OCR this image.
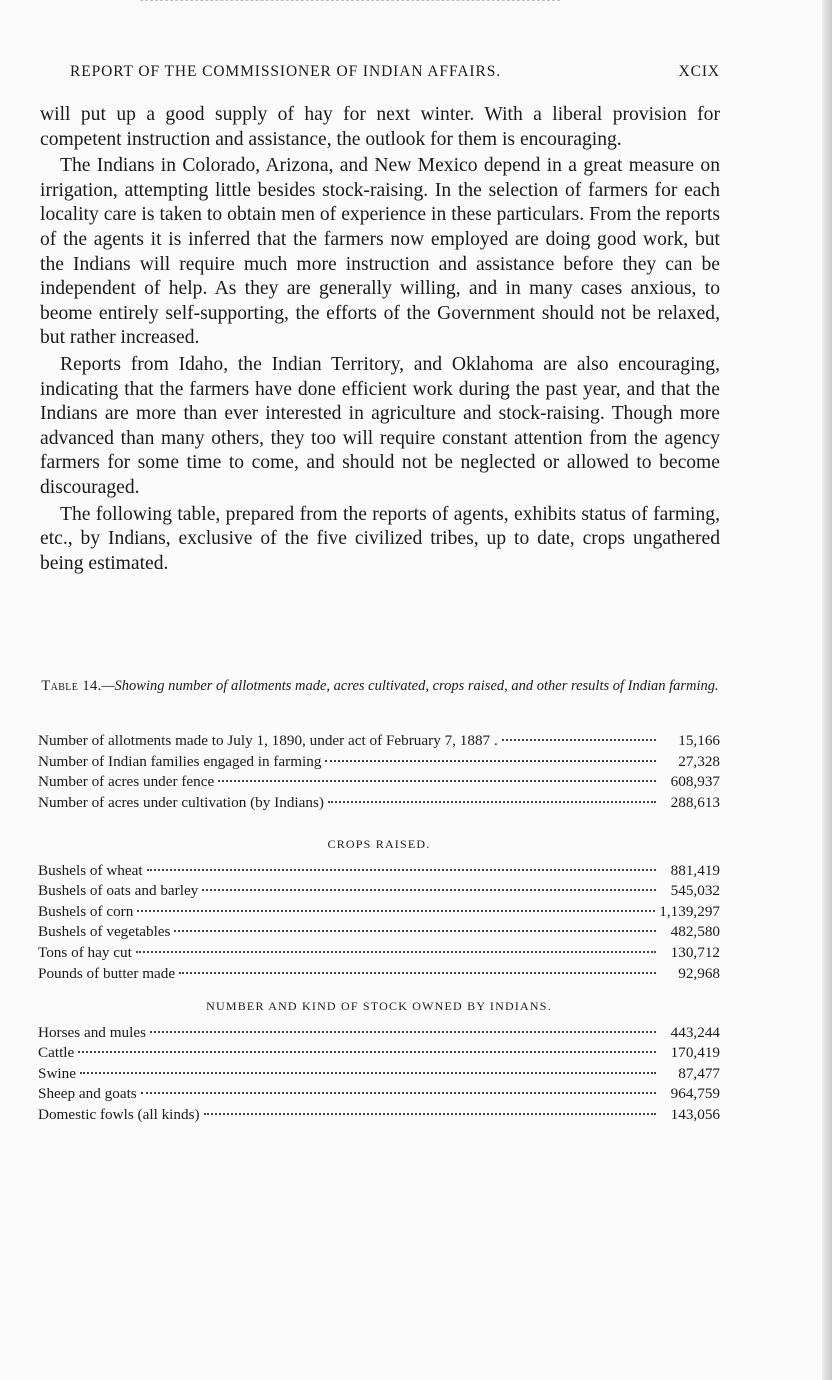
REPORT OF THE COMMISSIONER OF INDIAN AFFAIRS.	XCIX

will put up a good supply of hay for next winter. With a liberal provision for competent instruction and assistance, the outlook for them is encouraging.

The Indians in Colorado, Arizona, and New Mexico depend in a great measure on irrigation, attempting little besides stock-raising. In the selection of farmers for each locality care is taken to obtain men of experience in these particulars. From the reports of the agents it is inferred that the farmers now employed are doing good work, but the Indians will require much more instruction and assistance before they can be independent of help. As they are generally willing, and in many cases anxious, to beome entirely self-supporting, the efforts of the Government should not be relaxed, but rather increased.

Reports from Idaho, the Indian Territory, and Oklahoma are also encouraging, indicating that the farmers have done efficient work during the past year, and that the Indians are more than ever interested in agriculture and stock-raising. Though more advanced than many others, they too will require constant attention from the agency farmers for some time to come, and should not be neglected or allowed to become discouraged.

The following table, prepared from the reports of agents, exhibits status of farming, etc., by Indians, exclusive of the five civilized tribes, up to date, crops ungathered being estimated.

Table 14.—Showing number of allotments made, acres cultivated, crops raised, and other results of Indian farming.
Number of allotments made to July 1, 1890, under act of February 7, 1887 .	15,166
Number of Indian families engaged in farming	27,328
Number of acres under fence	608,937
Number of acres under cultivation (by Indians)	288,613
CROPS RAISED.
Bushels of wheat	881,419
Bushels of oats and barley	545,032
Bushels of corn	1,139,297
Bushels of vegetables	482,580
Tons of hay cut	130,712
Pounds of butter made	92,968
NUMBER AND KIND OF STOCK OWNED BY INDIANS.
Horses and mules	443,244
Cattle	170,419
Swine	87,477
Sheep and goats	964,759
Domestic fowls (all kinds)	143,056
